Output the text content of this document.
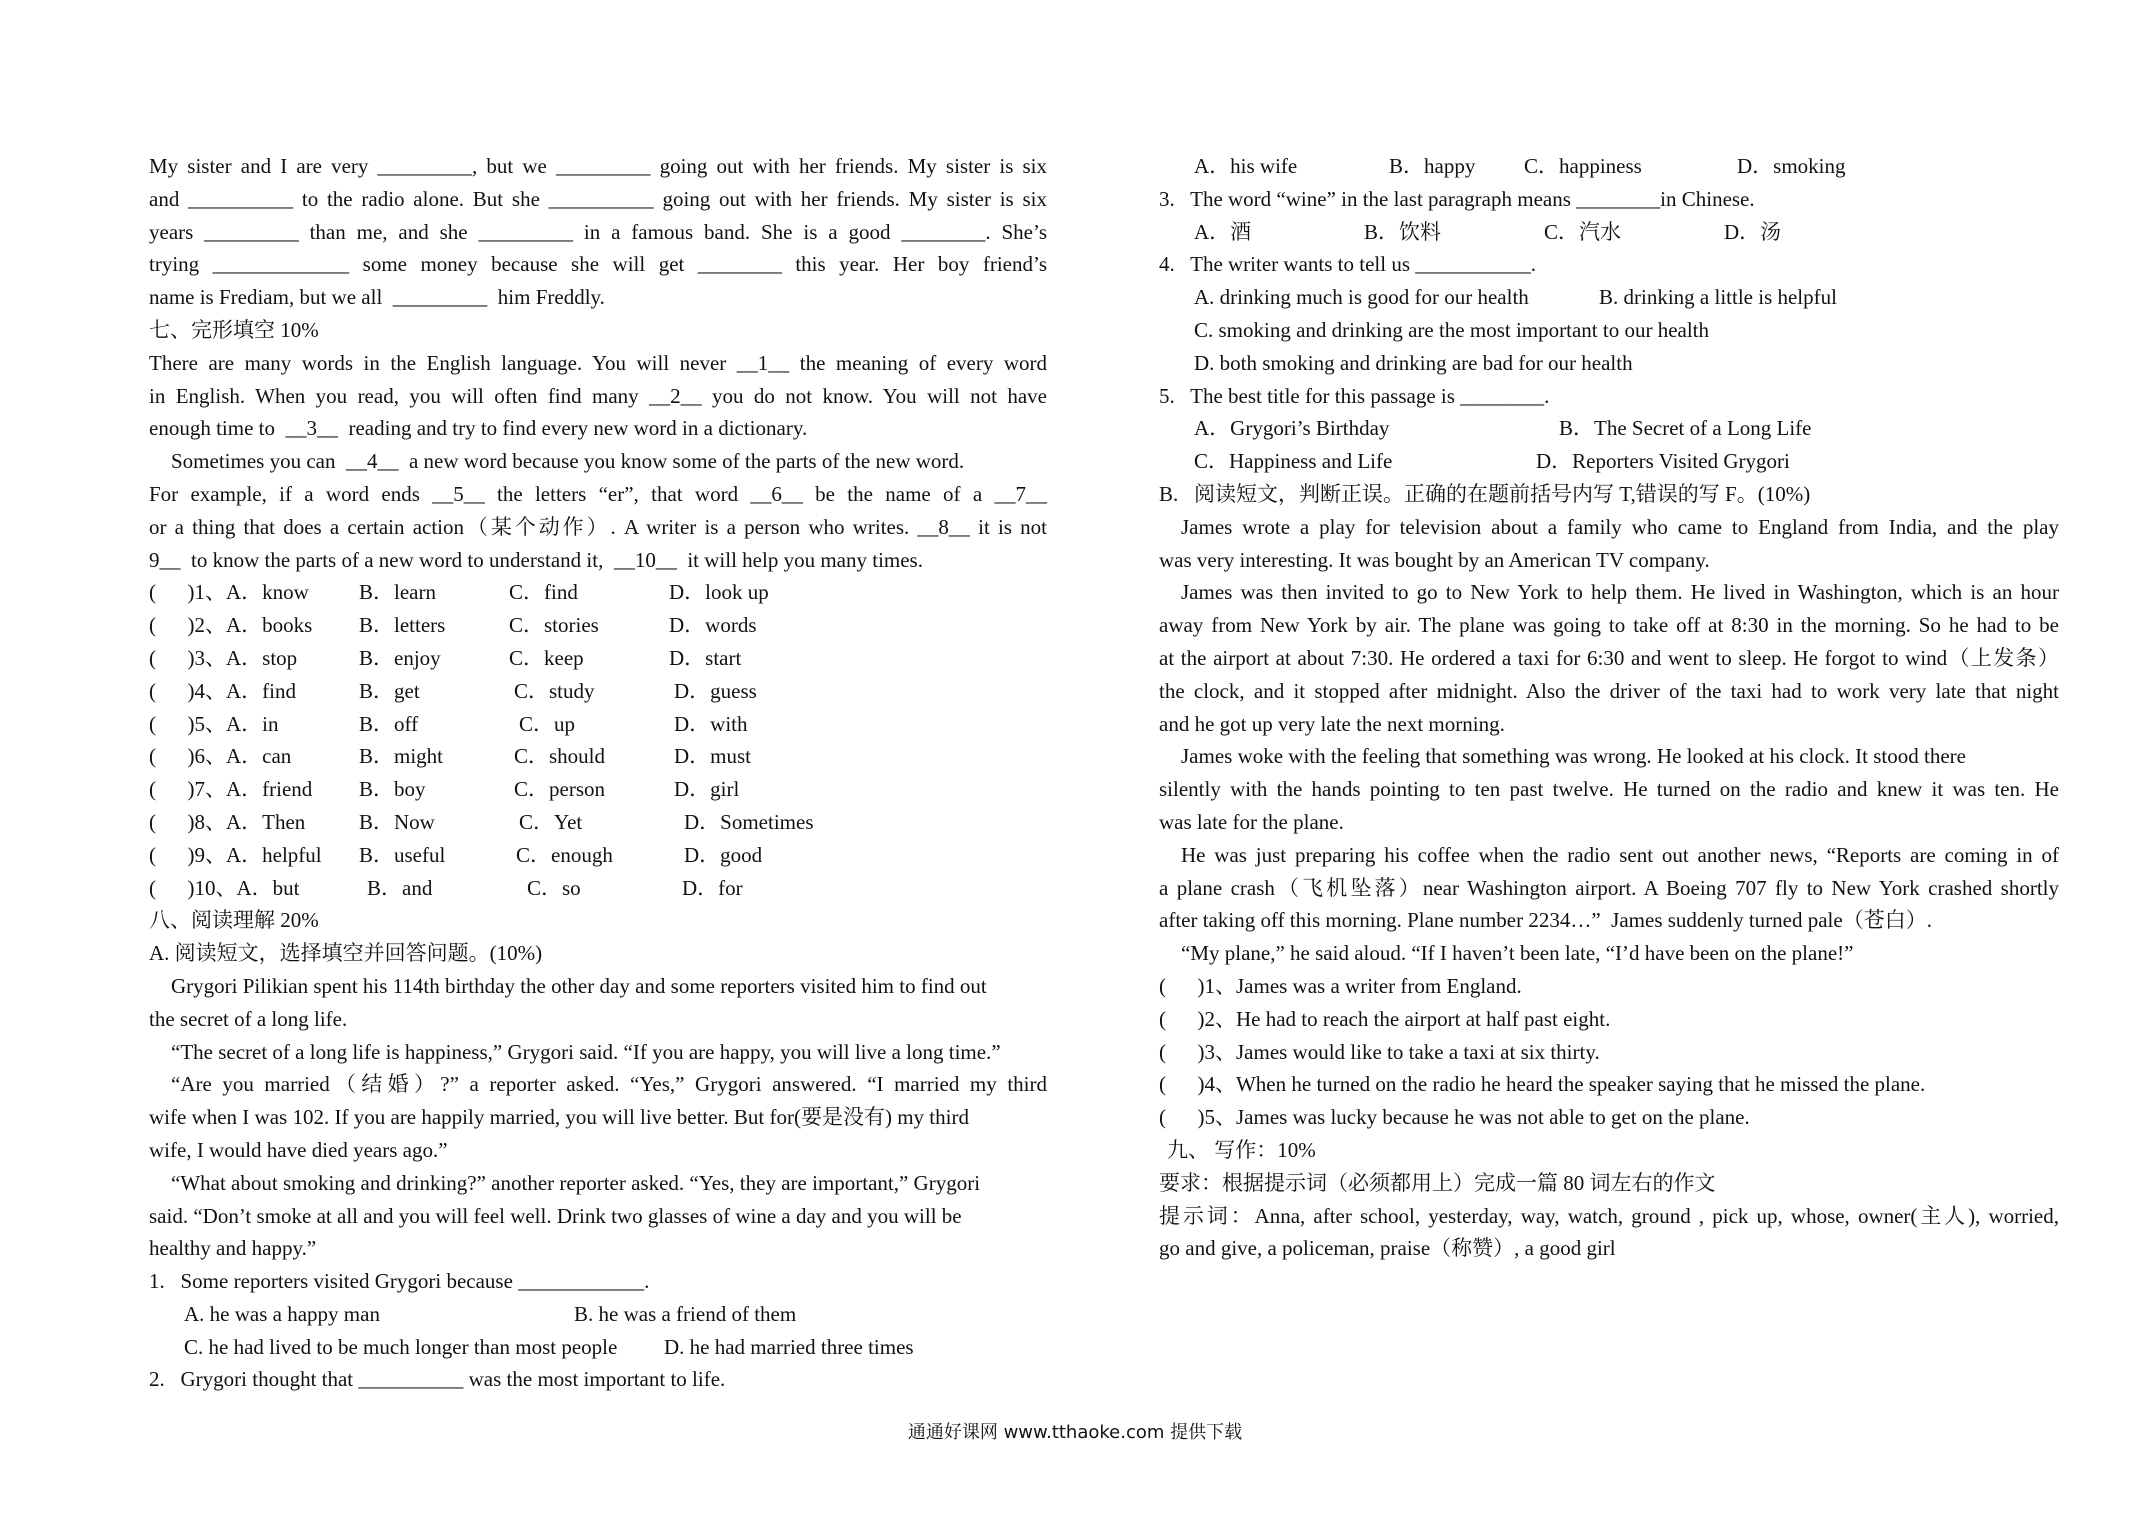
My sister and I are very _________, but we _________ going out with her friends. My sister is six
and __________ to the radio alone. But she __________ going out with her friends. My sister is six
years _________ than me, and she _________ in a famous band. She is a good ________. She’s
trying _____________ some money because she will get ________ this year. Her boy friend’s
name is Frediam, but we all  _________  him Freddly.
七、完形填空 10%
There are many words in the English language. You will never __1__ the meaning of every word
in English. When you read, you will often find many __2__ you do not know. You will not have
enough time to  __3__  reading and try to find every new word in a dictionary.
Sometimes you can  __4__  a new word because you know some of the parts of the new word.
For example, if a word ends __5__ the letters “er”, that word __6__ be the name of a __7__
or a thing that does a certain action（某个动作）. A writer is a person who writes. __8__ it is not
9__  to know the parts of a new word to understand it,  __10__  it will help you many times.
(      )1、A．know	B．learn	C．find	D．look up
(      )2、A．books	B．letters	C．stories	D．words
(      )3、A．stop	B．enjoy	C．keep	D．start
(      )4、A．find	B．get	C．study	D．guess
(      )5、A．in	B．off	C．up	D．with
(      )6、A．can	B．might	C．should	D．must
(      )7、A．friend	B．boy	C．person	D．girl
(      )8、A．Then	B．Now	C．Yet	D．Sometimes
(      )9、A．helpful	B．useful	C．enough	D．good
(      )10、A．but	B．and	C．so	D．for
八、阅读理解 20%
A. 阅读短文，选择填空并回答问题。(10%)
Grygori Pilikian spent his 114th birthday the other day and some reporters visited him to find out
the secret of a long life.
“The secret of a long life is happiness,” Grygori said. “If you are happy, you will live a long time.”
“Are you married（结婚）?” a reporter asked. “Yes,” Grygori answered. “I married my third
wife when I was 102. If you are happily married, you will live better. But for(要是没有) my third
wife, I would have died years ago.”
“What about smoking and drinking?” another reporter asked. “Yes, they are important,” Grygori
said. “Don’t smoke at all and you will feel well. Drink two glasses of wine a day and you will be
healthy and happy.”
1.   Some reporters visited Grygori because ____________.
A. he was a happy man	B. he was a friend of them
C. he had lived to be much longer than most people	D. he had married three times
2.   Grygori thought that __________ was the most important to life.
A．his wife	B．happy	C．happiness	D．smoking
3.   The word “wine” in the last paragraph means ________in Chinese.
A．酒	B．饮料	C．汽水	D．汤
4.   The writer wants to tell us ___________.
A. drinking much is good for our health	B. drinking a little is helpful
C. smoking and drinking are the most important to our health
D. both smoking and drinking are bad for our health
5.   The best title for this passage is ________.
A．Grygori’s Birthday	B．The Secret of a Long Life
C．Happiness and Life	D．Reporters Visited Grygori
B.   阅读短文，判断正误。正确的在题前括号内写 T,错误的写 F。(10%)
James wrote a play for television about a family who came to England from India, and the play
was very interesting. It was bought by an American TV company.
James was then invited to go to New York to help them. He lived in Washington, which is an hour
away from New York by air. The plane was going to take off at 8:30 in the morning. So he had to be
at the airport at about 7:30. He ordered a taxi for 6:30 and went to sleep. He forgot to wind（上发条）
the clock, and it stopped after midnight. Also the driver of the taxi had to work very late that night
and he got up very late the next morning.
James woke with the feeling that something was wrong. He looked at his clock. It stood there
silently with the hands pointing to ten past twelve. He turned on the radio and knew it was ten. He
was late for the plane.
He was just preparing his coffee when the radio sent out another news, “Reports are coming in of
a plane crash（飞机坠落）near Washington airport. A Boeing 707 fly to New York crashed shortly
after taking off this morning. Plane number 2234…”  James suddenly turned pale（苍白）.
“My plane,” he said aloud. “If I haven’t been late, “I’d have been on the plane!”
(      )1、James was a writer from England.
(      )2、He had to reach the airport at half past eight.
(      )3、James would like to take a taxi at six thirty.
(      )4、When he turned on the radio he heard the speaker saying that he missed the plane.
(      )5、James was lucky because he was not able to get on the plane.
九、 写作：10%
要求：根据提示词（必须都用上）完成一篇 80 词左右的作文
提示词：Anna, after school, yesterday, way, watch, ground , pick up, whose, owner(主人), worried,
go and give, a policeman, praise（称赞）, a good girl
通通好课网 www.tthaoke.com 提供下载
